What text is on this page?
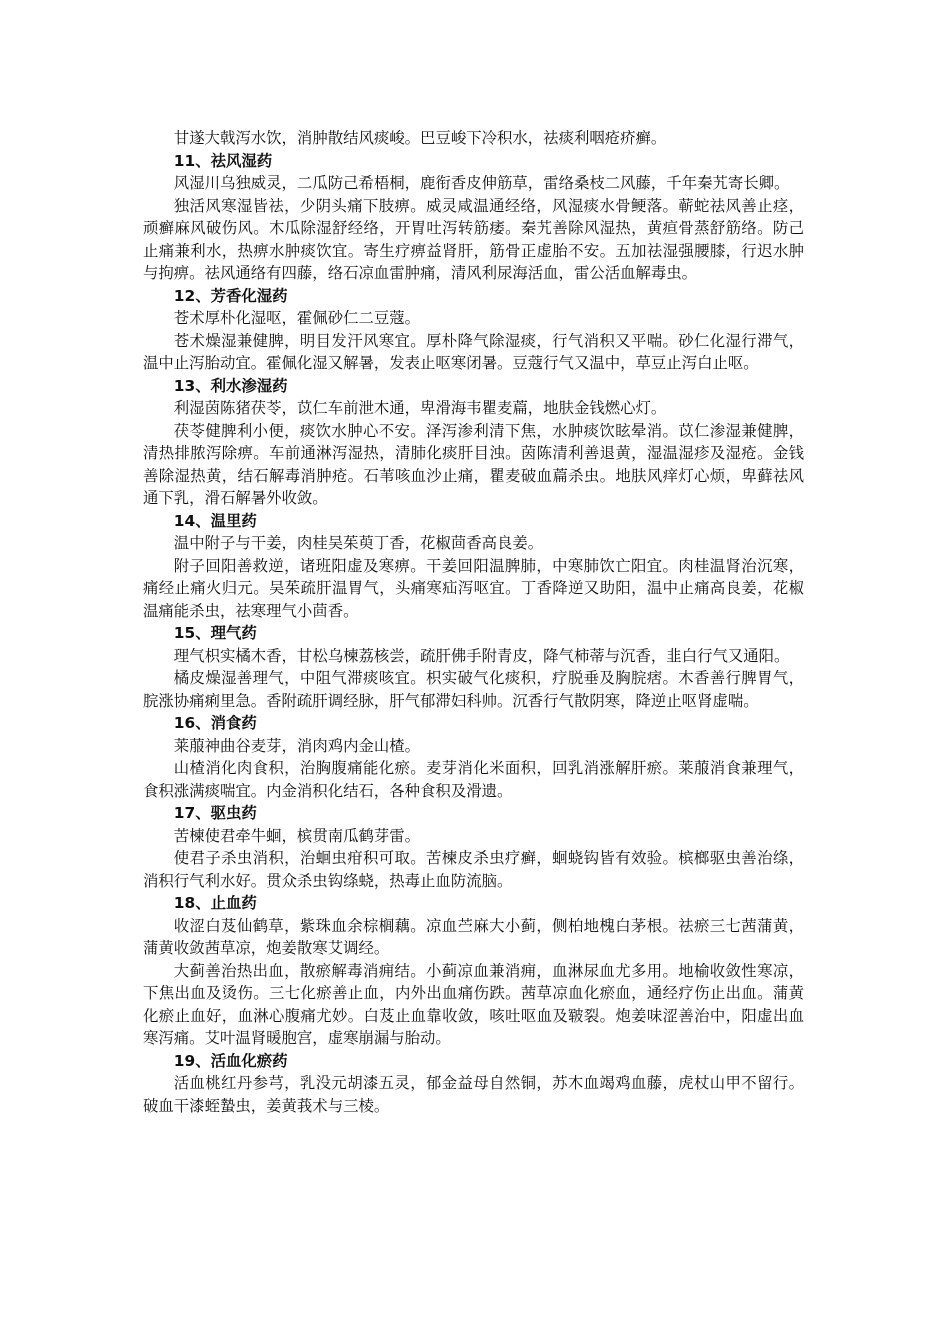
甘遂大戟泻水饮，消肿散结风痰峻。巴豆峻下冷积水，祛痰利咽疮疥癣。

11、祛风湿药

风湿川乌独威灵，二瓜防己希梧桐，鹿衔香皮伸筋草，雷络桑枝二风藤，千年秦艽寄长卿。

独活风寒湿皆祛，少阴头痛下肢痹。威灵咸温通经络，风湿痰水骨鲠落。蕲蛇祛风善止痉，顽癣麻风破伤风。木瓜除湿舒经络，开胃吐泻转筋痿。秦艽善除风湿热，黄疸骨蒸舒筋络。防己止痛兼利水，热痹水肿痰饮宜。寄生疗痹益肾肝，筋骨正虚胎不安。五加祛湿强腰膝，行迟水肿与拘痹。祛风通络有四藤，络石凉血雷肿痛，清风利尿海活血，雷公活血解毒虫。

12、芳香化湿药

苍术厚朴化湿呕，霍佩砂仁二豆蔻。

苍术燥湿兼健脾，明目发汗风寒宜。厚朴降气除湿痰，行气消积又平喘。砂仁化湿行滞气，温中止泻胎动宜。霍佩化湿又解暑，发表止呕寒闭暑。豆蔻行气又温中，草豆止泻白止呕。

13、利水渗湿药

利湿茵陈猪茯苓，苡仁车前泄木通，卑滑海韦瞿麦萹，地肤金钱燃心灯。

茯苓健脾利小便，痰饮水肿心不安。泽泻渗利清下焦，水肿痰饮眩晕消。苡仁渗湿兼健脾，清热排脓泻除痹。车前通淋泻湿热，清肺化痰肝目浊。茵陈清利善退黄，湿温湿疹及湿疮。金钱善除湿热黄，结石解毒消肿疮。石苇咳血沙止痛，瞿麦破血萹杀虫。地肤风痒灯心烦，卑藓祛风通下乳，滑石解暑外收敛。

14、温里药

温中附子与干姜，肉桂吴茱萸丁香，花椒茴香高良姜。

附子回阳善救逆，诸班阳虚及寒痹。干姜回阳温脾肺，中寒肺饮亡阳宜。肉桂温肾治沉寒，痛经止痛火归元。吴茱疏肝温胃气，头痛寒疝泻呕宜。丁香降逆又助阳，温中止痛高良姜，花椒温痛能杀虫，祛寒理气小茴香。

15、理气药

理气枳实橘木香，甘松乌楝荔核尝，疏肝佛手附青皮，降气柿蒂与沉香，韭白行气又通阳。

橘皮燥湿善理气，中阻气滞痰咳宜。枳实破气化痰积，疗脱垂及胸脘痞。木香善行脾胃气，脘涨协痛痢里急。香附疏肝调经脉，肝气郁滞妇科帅。沉香行气散阴寒，降逆止呕肾虚喘。

16、消食药

莱菔神曲谷麦芽，消肉鸡内金山楂。

山楂消化肉食积，治胸腹痛能化瘀。麦芽消化米面积，回乳消涨解肝瘀。莱菔消食兼理气，食积涨满痰喘宜。内金消积化结石，各种食积及滑遗。

17、驱虫药

苦楝使君牵牛蛔，槟贯南瓜鹤芽雷。

使君子杀虫消积，治蛔虫疳积可取。苦楝皮杀虫疗癣，蛔蛲钩皆有效验。槟榔驱虫善治绦，消积行气利水好。贯众杀虫钩绦蛲，热毒止血防流脑。

18、止血药

收涩白芨仙鹤草，紫珠血余棕榈藕。凉血苎麻大小蓟，侧柏地槐白茅根。祛瘀三七茜蒲黄，蒲黄收敛茜草凉，炮姜散寒艾调经。

大蓟善治热出血，散瘀解毒消痈结。小蓟凉血兼消痈，血淋尿血尤多用。地榆收敛性寒凉，下焦出血及烫伤。三七化瘀善止血，内外出血痛伤跌。茜草凉血化瘀血，通经疗伤止出血。蒲黄化瘀止血好，血淋心腹痛尤妙。白芨止血靠收敛，咳吐呕血及皲裂。炮姜味涩善治中，阳虚出血寒泻痛。艾叶温肾暖胞宫，虚寒崩漏与胎动。

19、活血化瘀药

活血桃红丹参芎，乳没元胡漆五灵，郁金益母自然铜，苏木血竭鸡血藤，虎杖山甲不留行。破血干漆蛭蟄虫，姜黄莪术与三棱。
